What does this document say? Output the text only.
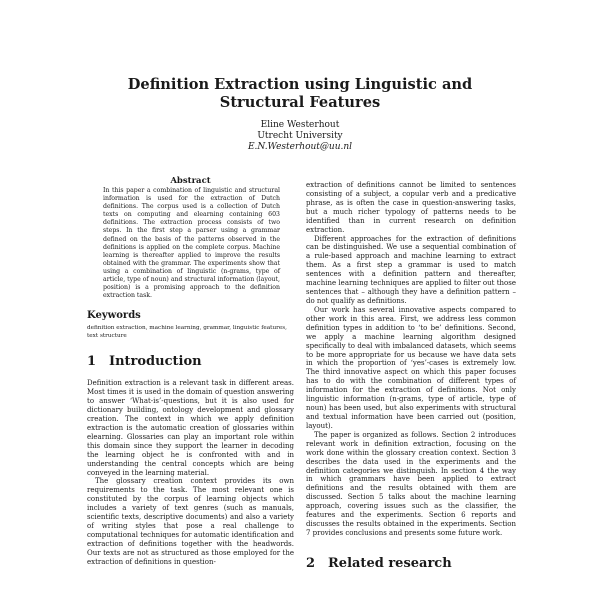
Definition Extraction using Linguistic and Structural Features
Eline Westerhout
Utrecht University
E.N.Westerhout@uu.nl
Abstract
In this paper a combination of linguistic and structural information is used for the extraction of Dutch definitions. The corpus used is a collection of Dutch texts on computing and elearning containing 603 definitions. The extraction process consists of two steps. In the first step a parser using a grammar defined on the basis of the patterns observed in the definitions is applied on the complete corpus. Machine learning is thereafter applied to improve the results obtained with the grammar. The experiments show that using a combination of linguistic (n-grams, type of article, type of noun) and structural information (layout, position) is a promising approach to the definition extraction task.
Keywords
definition extraction, machine learning, grammar, linguistic features, text structure
1 Introduction

Definition extraction is a relevant task in different areas. Most times it is used in the domain of question answering to answer ‘What-is’-questions, but it is also used for dictionary building, ontology development and glossary creation. The context in which we apply definition extraction is the automatic creation of glossaries within elearning. Glossaries can play an important role within this domain since they support the learner in decoding the learning object he is confronted with and in understanding the central concepts which are being conveyed in the learning material.

The glossary creation context provides its own requirements to the task. The most relevant one is constituted by the corpus of learning objects which includes a variety of text genres (such as manuals, scientific texts, descriptive documents) and also a variety of writing styles that pose a real challenge to computational techniques for automatic identification and extraction of definitions together with the headwords. Our texts are not as structured as those employed for the extraction of definitions in question-

extraction of definitions cannot be limited to sentences consisting of a subject, a copular verb and a predicative phrase, as is often the case in question-answering tasks, but a much richer typology of patterns needs to be identified than in current research on definition extraction.

Different approaches for the extraction of definitions can be distinguished. We use a sequential combination of a rule-based approach and machine learning to extract them. As a first step a grammar is used to match sentences with a definition pattern and thereafter, machine learning techniques are applied to filter out those sentences that – although they have a definition pattern – do not qualify as definitions.

Our work has several innovative aspects compared to other work in this area. First, we address less common definition types in addition to ‘to be’ definitions. Second, we apply a machine learning algorithm designed specifically to deal with imbalanced datasets, which seems to be more appropriate for us because we have data sets in which the proportion of ‘yes’-cases is extremely low. The third innovative aspect on which this paper focuses has to do with the combination of different types of information for the extraction of definitions. Not only linguistic information (n-grams, type of article, type of noun) has been used, but also experiments with structural and textual information have been carried out (position, layout).

The paper is organized as follows. Section 2 introduces relevant work in definition extraction, focusing on the work done within the glossary creation context. Section 3 describes the data used in the experiments and the definition categories we distinguish. In section 4 the way in which grammars have been applied to extract definitions and the results obtained with them are discussed. Section 5 talks about the machine learning approach, covering issues such as the classifier, the features and the experiments. Section 6 reports and discusses the results obtained in the experiments. Section 7 provides conclusions and presents some future work.

2 Related research
